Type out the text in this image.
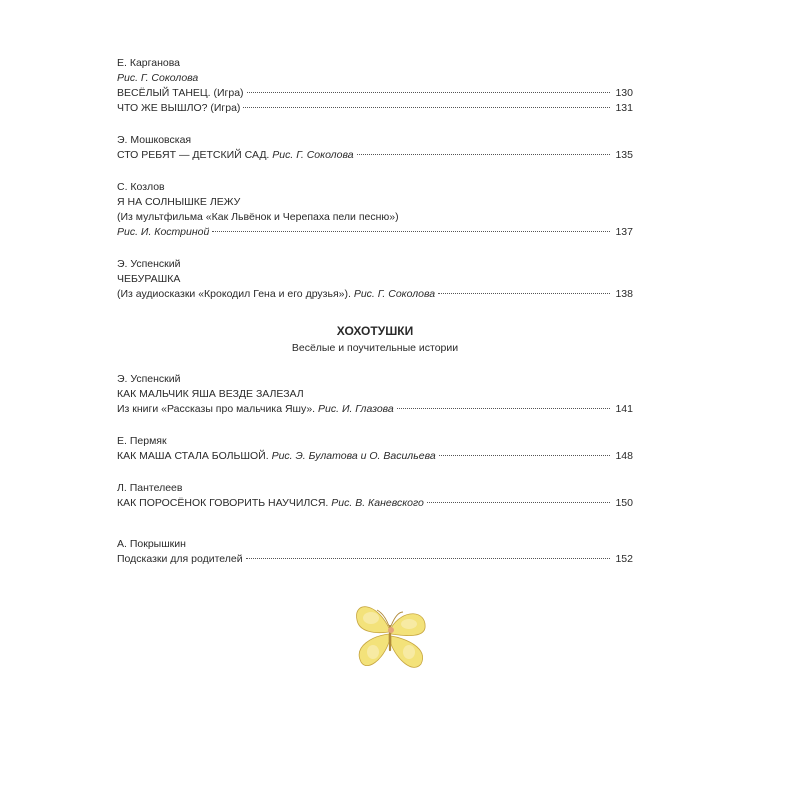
Е. Карганова
Рис. Г. Соколова
ВЕСЁЛЫЙ ТАНЕЦ. (Игра)	130
ЧТО ЖЕ ВЫШЛО? (Игра)	131
Э. Мошковская
СТО РЕБЯТ — ДЕТСКИЙ САД. Рис. Г. Соколова	135
С. Козлов
Я НА СОЛНЫШКЕ ЛЕЖУ
(Из мультфильма «Как Львёнок и Черепаха пели песню»)
Рис. И. Костриной	137
Э. Успенский
ЧЕБУРАШКА
(Из аудиосказки «Крокодил Гена и его друзья»). Рис. Г. Соколова	138
ХОХОТУШКИ
Весёлые и поучительные истории
Э. Успенский
КАК МАЛЬЧИК ЯША ВЕЗДЕ ЗАЛЕЗАЛ
Из книги «Рассказы про мальчика Яшу». Рис. И. Глазова	141
Е. Пермяк
КАК МАША СТАЛА БОЛЬШОЙ. Рис. Э. Булатова и О. Васильева	148
Л. Пантелеев
КАК ПОРОСЁНОК ГОВОРИТЬ НАУЧИЛСЯ. Рис. В. Каневского	150
А. Покрышкин
Подсказки для родителей	152
